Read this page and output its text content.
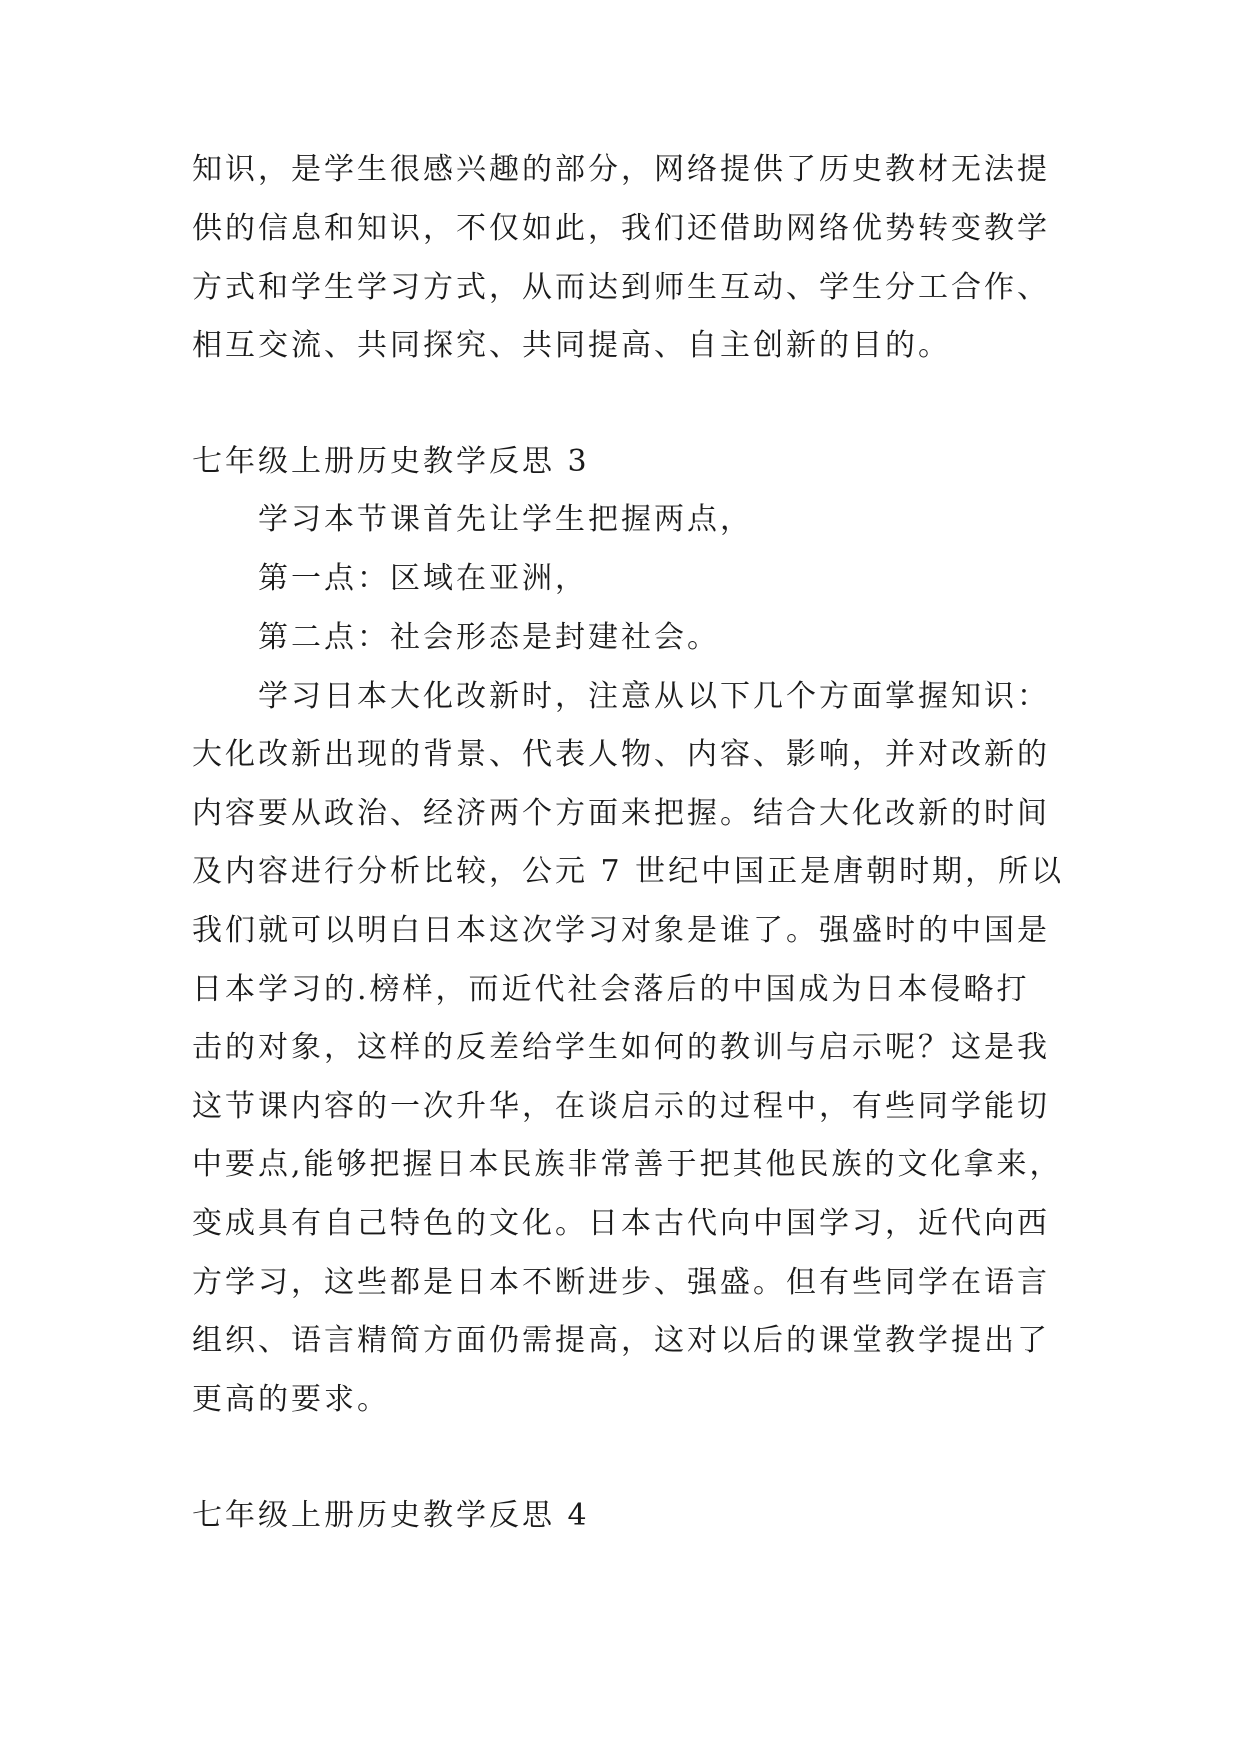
知识，是学生很感兴趣的部分，网络提供了历史教材无法提
供的信息和知识，不仅如此，我们还借助网络优势转变教学
方式和学生学习方式，从而达到师生互动、学生分工合作、
相互交流、共同探究、共同提高、自主创新的目的。
七年级上册历史教学反思 3
学习本节课首先让学生把握两点，
第一点：区域在亚洲，
第二点：社会形态是封建社会。
学习日本大化改新时，注意从以下几个方面掌握知识：
大化改新出现的背景、代表人物、内容、影响，并对改新的
内容要从政治、经济两个方面来把握。结合大化改新的时间
及内容进行分析比较，公元 7 世纪中国正是唐朝时期，所以
我们就可以明白日本这次学习对象是谁了。强盛时的中国是
日本学习的.榜样，而近代社会落后的中国成为日本侵略打
击的对象，这样的反差给学生如何的教训与启示呢？这是我
这节课内容的一次升华，在谈启示的过程中，有些同学能切
中要点,能够把握日本民族非常善于把其他民族的文化拿来，
变成具有自己特色的文化。日本古代向中国学习，近代向西
方学习，这些都是日本不断进步、强盛。但有些同学在语言
组织、语言精简方面仍需提高，这对以后的课堂教学提出了
更高的要求。
七年级上册历史教学反思 4
